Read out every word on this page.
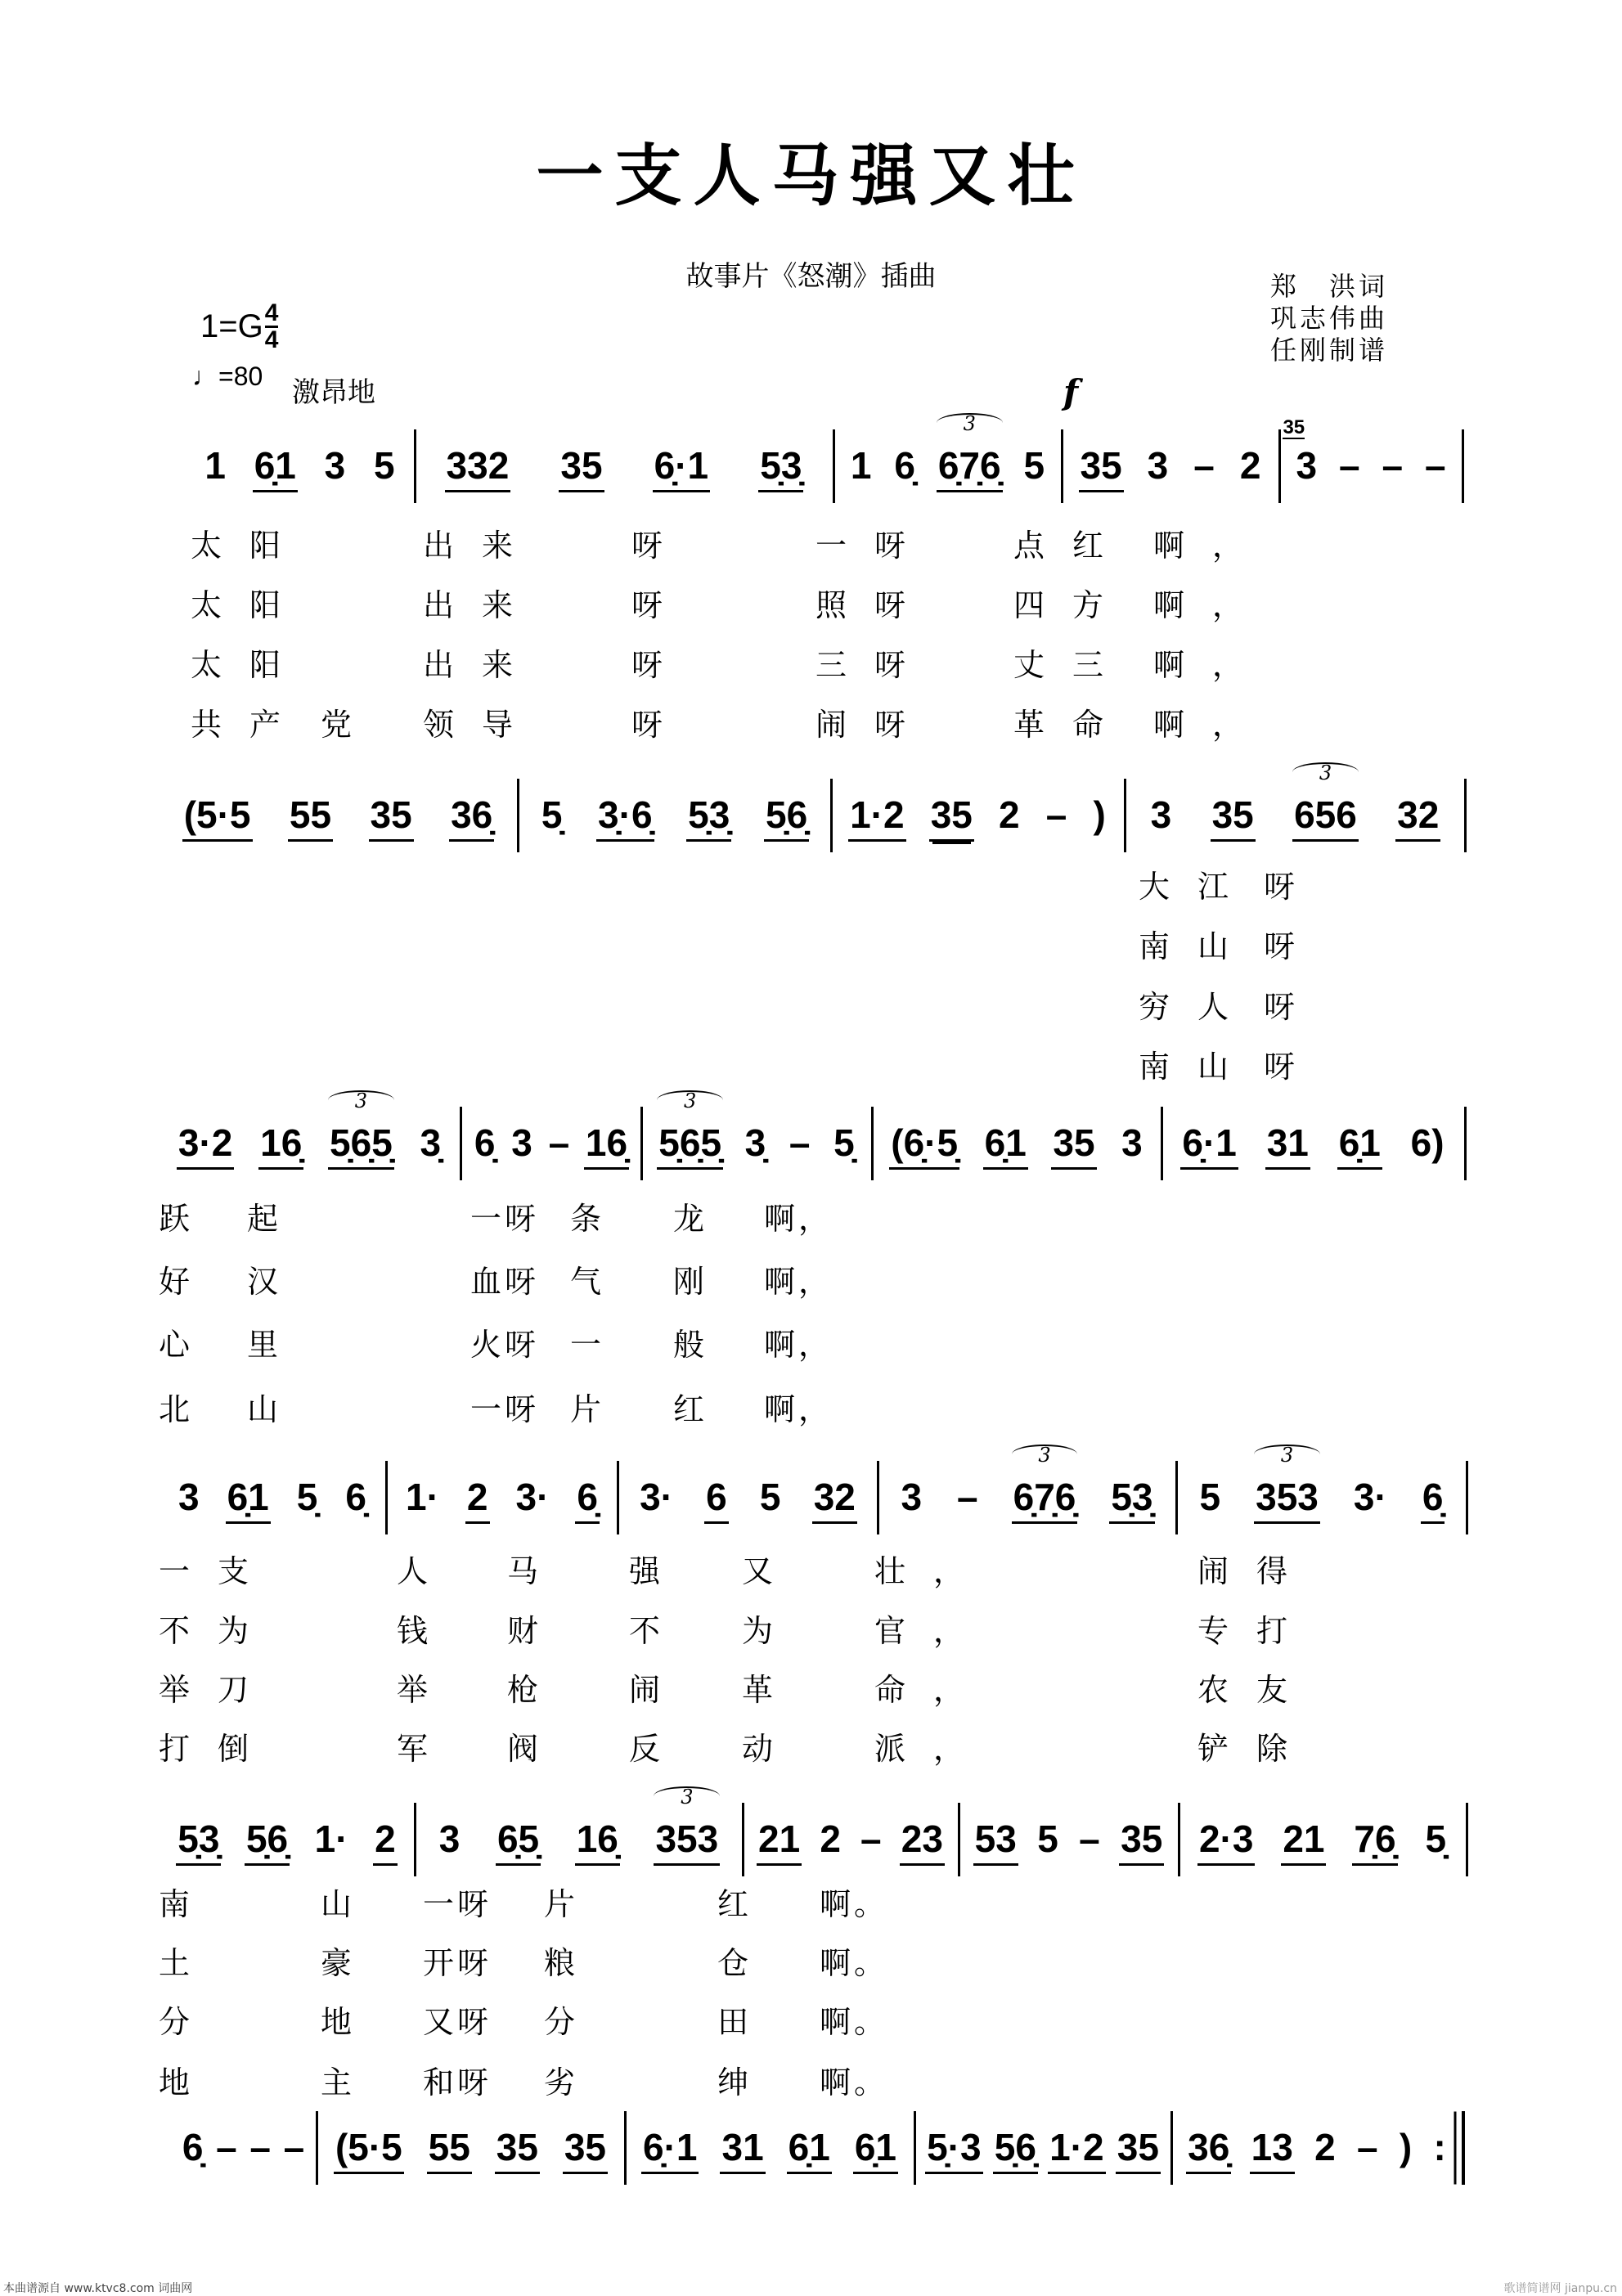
一支人马强又壮
故事片《怒潮》插曲	郑　洪词
巩志伟曲
任刚制谱
$1=G \frac{4}{4}$
♩=80 激昂地	f
1 6̣1 3 5 332 35 6̣·1 5̣3̣ 1 6̣ 6̣7̣6̣
3
5 35 3 – 2 3
35
– – –
太阳	出来	呀	一呀	点红 啊，
太阳	出来	呀	照呀	四方 啊，
太阳	出来	呀	三呀	丈三 啊，
共产 党 领导	呀	闹呀	革命 啊，
(5·5 55 35 36̣ 5̣ 3̣·6̣ 5̣3̣ 5̣6̣ 1·2 35 2 – ) 3 35 656
3
32
大江 呀
南山 呀
穷人 呀
南山 呀
3·2 16̣ 5̣6̣5̣
3
3̣ 6̣ 3 – 16̣ 5̣6̣5̣
3
3̣ – 5̣ (6̣·5̣ 6̣1 35 3 6̣·1 31 6̣1 6)
跃 起	一呀 条 龙 啊，
好 汉	血呀 气 刚 啊，
心 里	火呀 一 般 啊，
北 山	一呀 片 红 啊，
3 6̣1 5̣ 6̣ 1· 2 3· 6̣ 3· 6 5 32 3 – 6̣7̣6̣
3
5̣3̣ 5 353
3
3· 6̣
一支	人 马 强 又 壮，	闹得
不为	钱 财 不 为 官，	专打
举刀	举 枪 闹 革 命，	农友
打倒	军 阀 反 动 派，	铲除
5̣3̣ 5̣6̣ 1· 2 3 6̣5̣ 16̣ 353
3
21 2 – 23 53 5 – 35 2·3 21 7̣6̣ 5̣
南	山 一呀 片	红 啊。
土	豪 开呀 粮	仓 啊。
分	地 又呀 分	田 啊。
地	主 和呀 劣	绅 啊。
6̣ – – – (5·5 55 35 35 6̣·1 31 6̣1 6̣1 5̣·3 5̣6̣ 1·2 35 36̣ 13 2 – ) :
本曲谱源自 www.ktvc8.com 词曲网	歌谱简谱网 jianpu.cn
